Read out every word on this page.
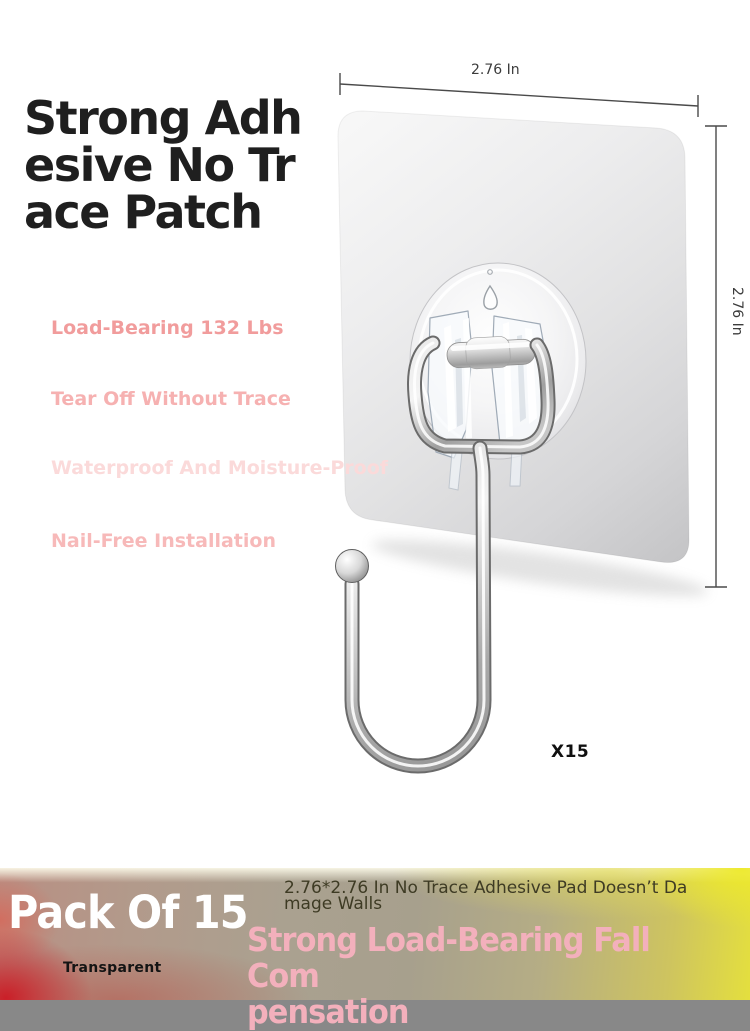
Strong Adh
esive No Tr
ace Patch
Load-Bearing 132 Lbs
Tear Off Without Trace
Waterproof And Moisture-Proof
Nail-Free Installation
2.76 In
2.76 In
X15
Pack Of 15
Transparent
2.76*2.76 In No Trace Adhesive Pad Doesn’t Da
mage Walls
Strong Load-Bearing Fall Com
pensation
